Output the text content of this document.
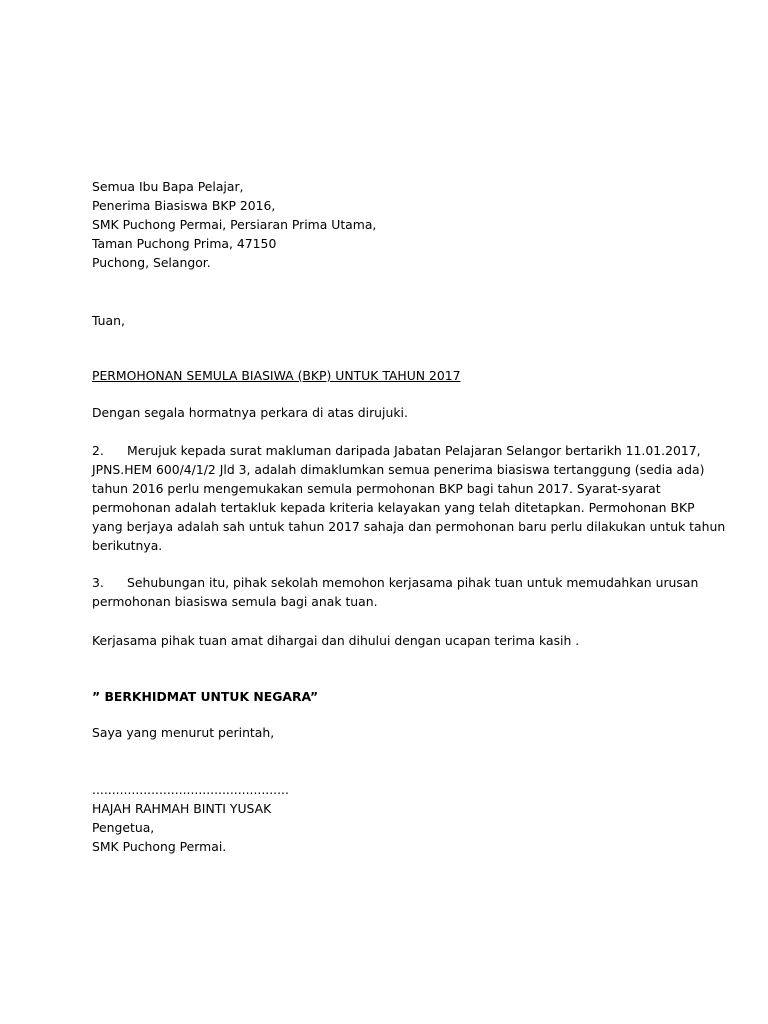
Semua Ibu Bapa Pelajar,
Penerima Biasiswa BKP 2016,
SMK Puchong Permai, Persiaran Prima Utama,
Taman Puchong Prima, 47150
Puchong, Selangor.
Tuan,
PERMOHONAN SEMULA BIASIWA (BKP) UNTUK TAHUN 2017
Dengan segala hormatnya perkara di atas dirujuki.
2. Merujuk kepada surat makluman daripada Jabatan Pelajaran Selangor bertarikh 11.01.2017,
JPNS.HEM 600/4/1/2 Jld 3, adalah dimaklumkan semua penerima biasiswa tertanggung (sedia ada)
tahun 2016 perlu mengemukakan semula permohonan BKP bagi tahun 2017. Syarat-syarat
permohonan adalah tertakluk kepada kriteria kelayakan yang telah ditetapkan. Permohonan BKP
yang berjaya adalah sah untuk tahun 2017 sahaja dan permohonan baru perlu dilakukan untuk tahun
berikutnya.
3. Sehubungan itu, pihak sekolah memohon kerjasama pihak tuan untuk memudahkan urusan
permohonan biasiswa semula bagi anak tuan.
Kerjasama pihak tuan amat dihargai dan dihului dengan ucapan terima kasih .
” BERKHIDMAT UNTUK NEGARA”
Saya yang menurut perintah,
..................................................
HAJAH RAHMAH BINTI YUSAK
Pengetua,
SMK Puchong Permai.
